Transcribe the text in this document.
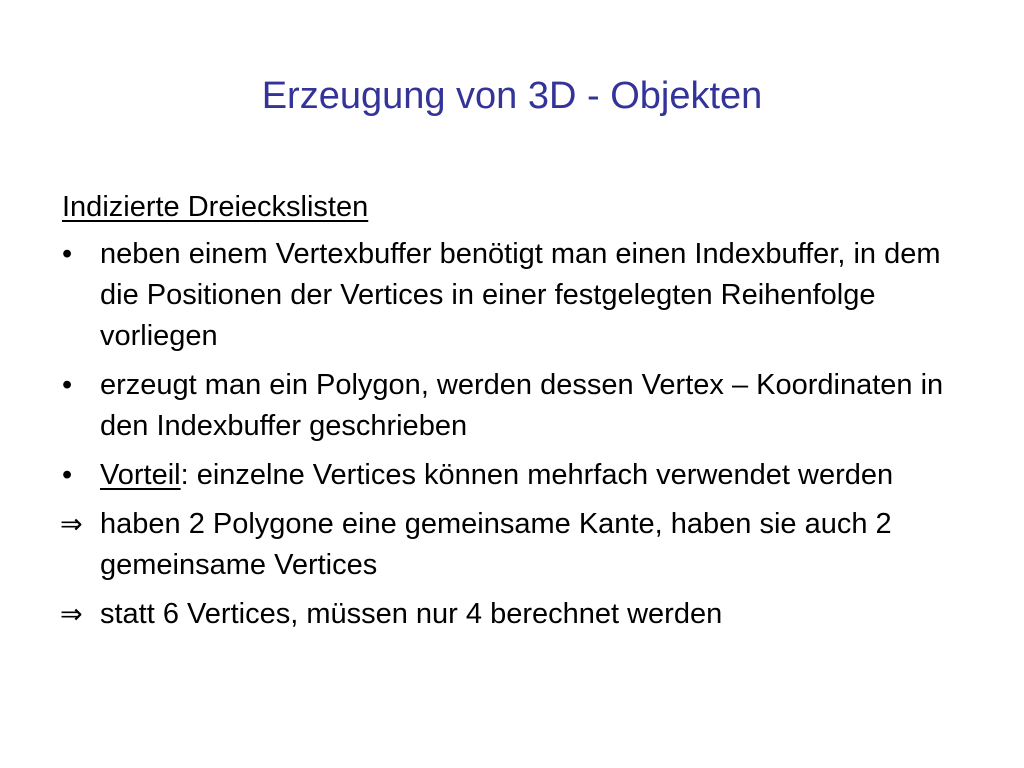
Erzeugung von 3D - Objekten
Indizierte Dreieckslisten
• neben einem Vertexbuffer benötigt man einen Indexbuffer, in dem die Positionen der Vertices in einer festgelegten Reihenfolge vorliegen
• erzeugt man ein Polygon, werden dessen Vertex – Koordinaten in den Indexbuffer geschrieben
• Vorteil: einzelne Vertices können mehrfach verwendet werden
⇒ haben 2 Polygone eine gemeinsame Kante, haben sie auch 2 gemeinsame Vertices
⇒ statt 6 Vertices, müssen nur 4 berechnet werden
